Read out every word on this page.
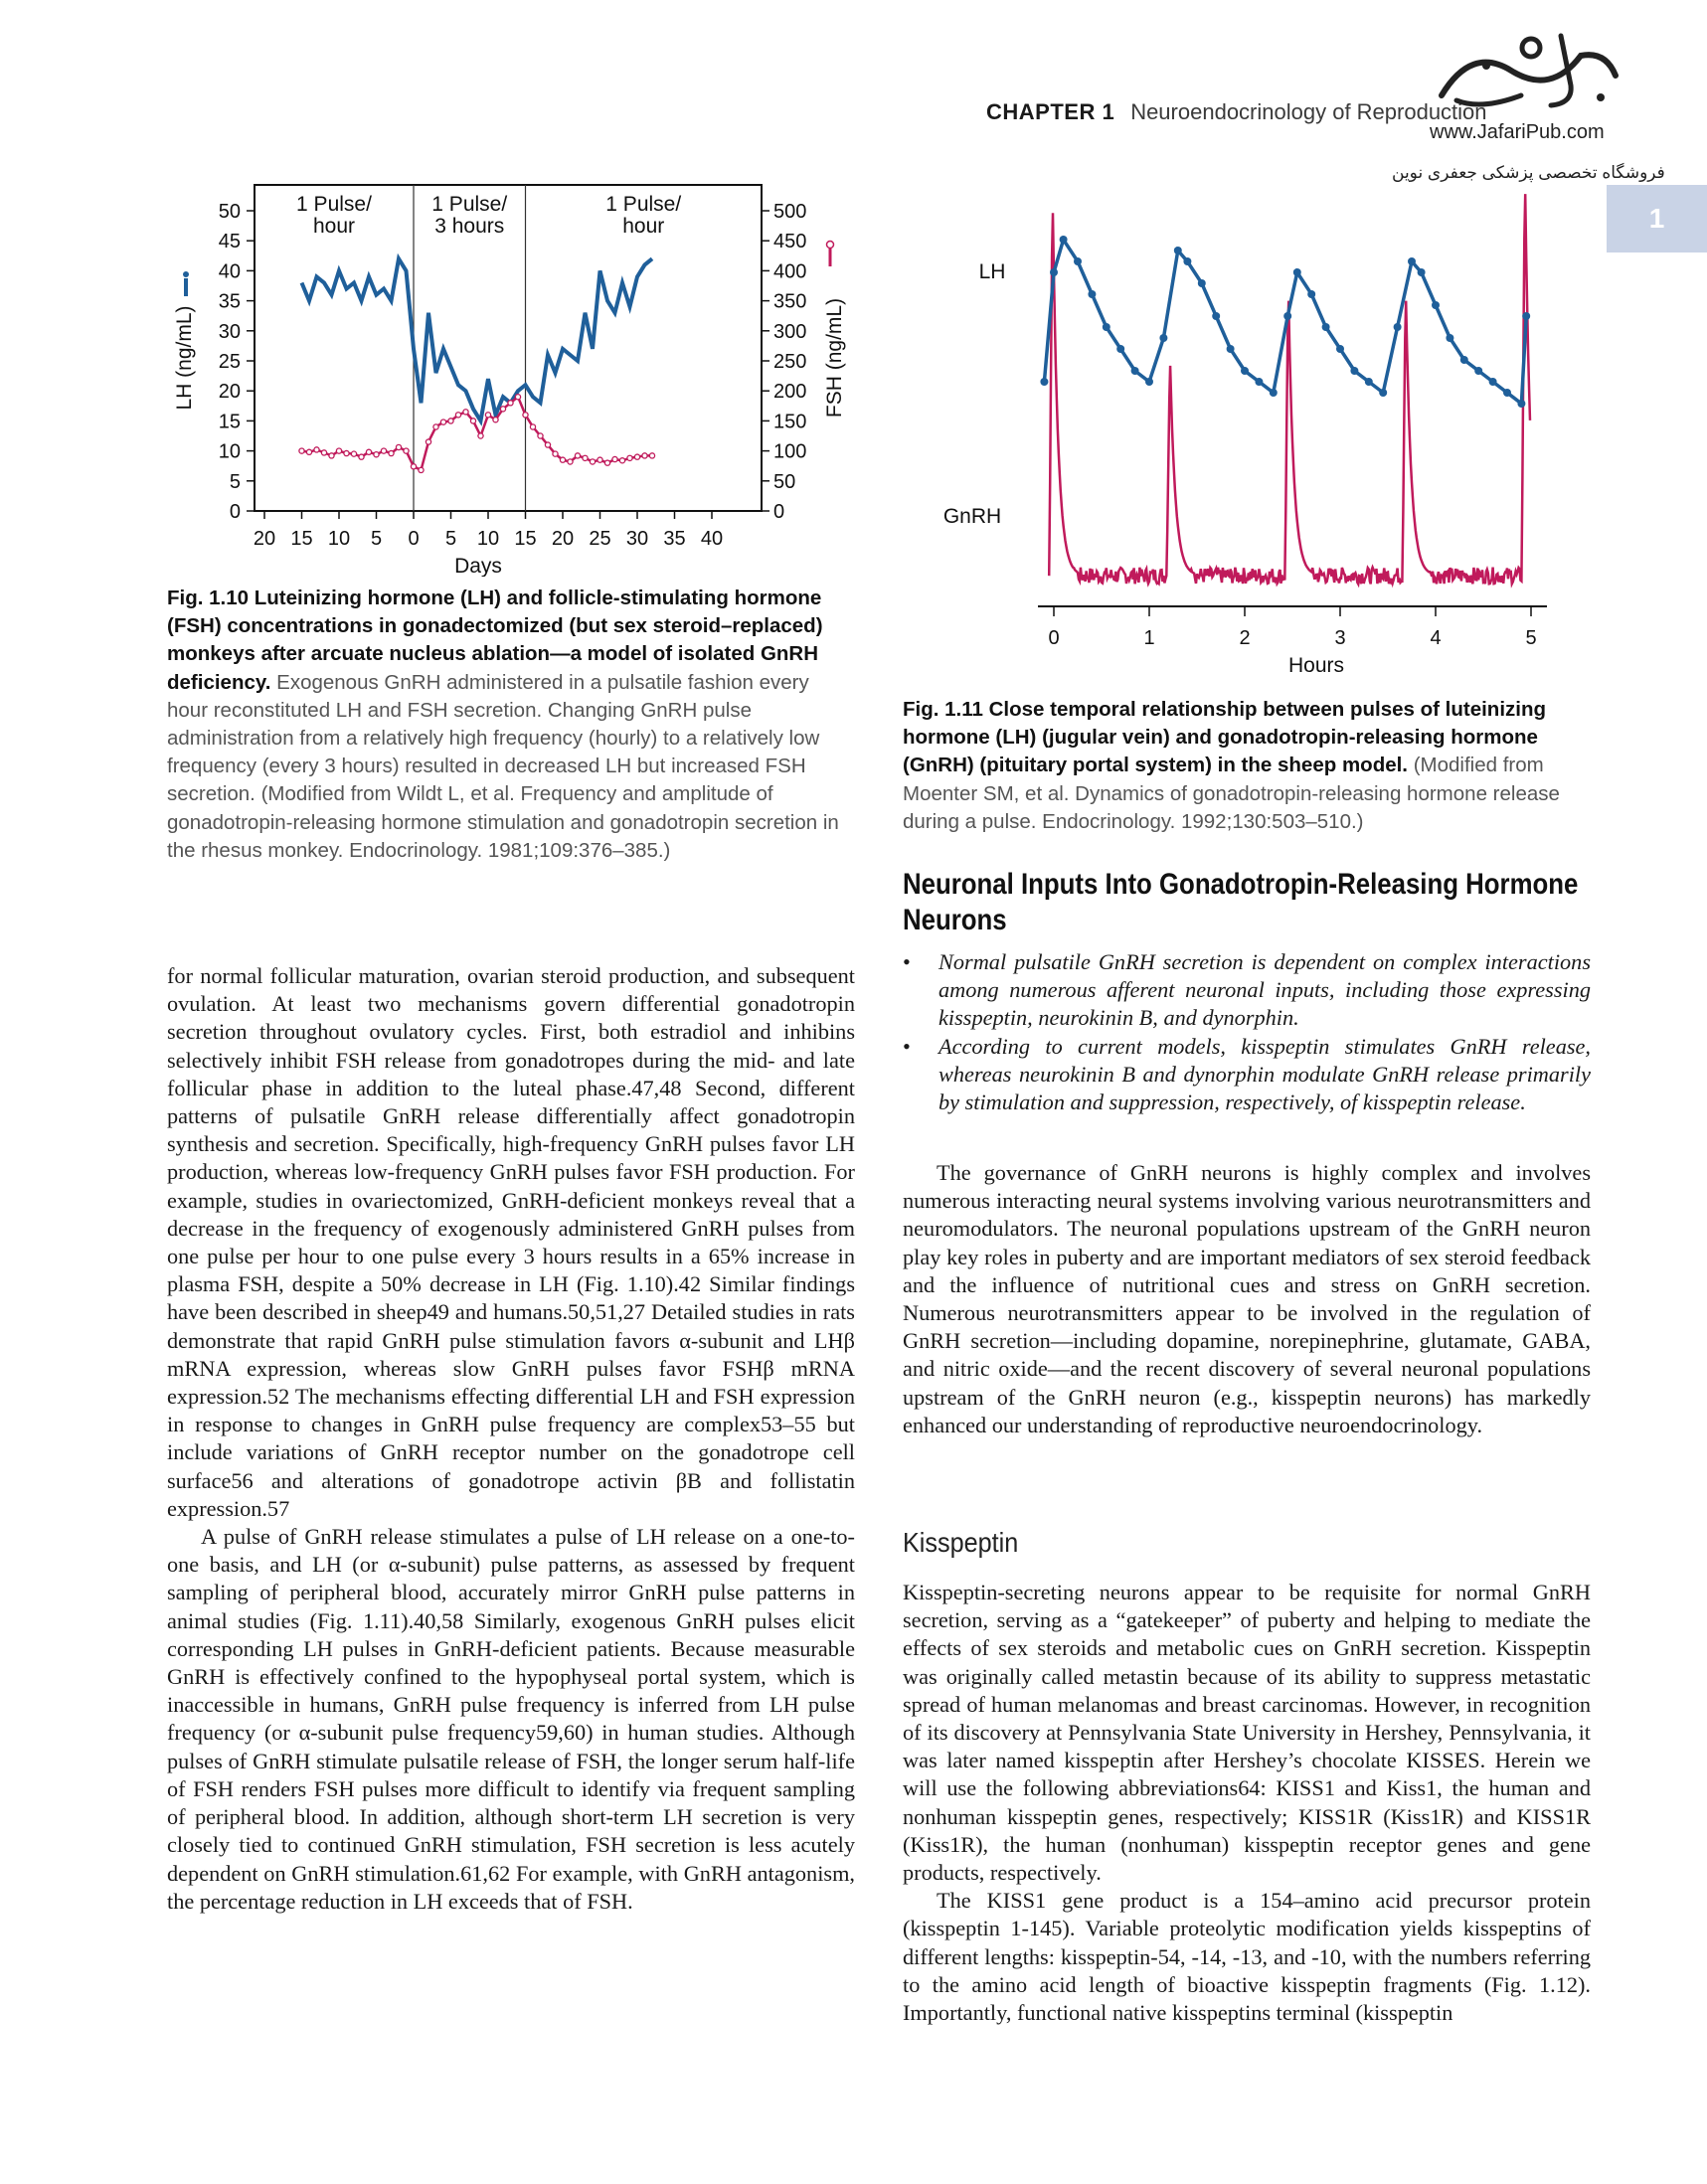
CHAPTER 1 Neuroendocrinology of Reproduction
www.JafariPub.com
فروشگاه تخصصی پزشکی جعفری نوین
1
1 Pulse/
hour
1 Pulse/
3 hours
1 Pulse/
hour
0
5
10
15
20
25
30
35
40
45
50
0
50
100
150
200
250
300
350
400
450
500
20 15 10 5 0 5 10 15 20 25 30 35 40
Days
LH (ng/mL)	FSH (ng/mL)
0	1	2	3	4	5
Hours
LH
GnRH
Fig. 1.10 Luteinizing hormone (LH) and follicle-stimulating hormone (FSH) concentrations in gonadectomized (but sex steroid–replaced) monkeys after arcuate nucleus ablation—a model of isolated GnRH deficiency. Exogenous GnRH administered in a pulsatile fashion every hour reconstituted LH and FSH secretion. Changing GnRH pulse administration from a relatively high frequency (hourly) to a relatively low frequency (every 3 hours) resulted in decreased LH but increased FSH secretion. (Modified from Wildt L, et al. Frequency and amplitude of gonadotropin-releasing hormone stimulation and gonadotropin secretion in the rhesus monkey. Endocrinology. 1981;109:376–385.)
Fig. 1.11 Close temporal relationship between pulses of luteinizing hormone (LH) (jugular vein) and gonadotropin-releasing hormone (GnRH) (pituitary portal system) in the sheep model. (Modified from Moenter SM, et al. Dynamics of gonadotropin-releasing hormone release during a pulse. Endocrinology. 1992;130:503–510.)

for normal follicular maturation, ovarian steroid production, and subsequent ovulation. At least two mechanisms govern differential gonadotropin secretion throughout ovulatory cycles. First, both estradiol and inhibins selectively inhibit FSH release from gonadotropes during the mid- and late follicular phase in addition to the luteal phase.47,48 Second, different patterns of pulsatile GnRH release differentially affect gonadotropin synthesis and secretion. Specifically, high-frequency GnRH pulses favor LH production, whereas low-frequency GnRH pulses favor FSH production. For example, studies in ovariectomized, GnRH-deficient monkeys reveal that a decrease in the frequency of exogenously administered GnRH pulses from one pulse per hour to one pulse every 3 hours results in a 65% increase in plasma FSH, despite a 50% decrease in LH (Fig. 1.10).42 Similar findings have been described in sheep49 and humans.50,51,27 Detailed studies in rats demonstrate that rapid GnRH pulse stimulation favors α-subunit and LHβ mRNA expression, whereas slow GnRH pulses favor FSHβ mRNA expression.52 The mechanisms effecting differential LH and FSH expression in response to changes in GnRH pulse frequency are complex53–55 but include variations of GnRH receptor number on the gonadotrope cell surface56 and alterations of gonadotrope activin βB and follistatin expression.57

A pulse of GnRH release stimulates a pulse of LH release on a one-to-one basis, and LH (or α-subunit) pulse patterns, as assessed by frequent sampling of peripheral blood, accurately mirror GnRH pulse patterns in animal studies (Fig. 1.11).40,58 Similarly, exogenous GnRH pulses elicit corresponding LH pulses in GnRH-deficient patients. Because measurable GnRH is effectively confined to the hypophyseal portal system, which is inaccessible in humans, GnRH pulse frequency is inferred from LH pulse frequency (or α-subunit pulse frequency59,60) in human studies. Although pulses of GnRH stimulate pulsatile release of FSH, the longer serum half-life of FSH renders FSH pulses more difficult to identify via frequent sampling of peripheral blood. In addition, although short-term LH secretion is very closely tied to continued GnRH stimulation, FSH secretion is less acutely dependent on GnRH stimulation.61,62 For example, with GnRH antagonism, the percentage reduction in LH exceeds that of FSH.

Neuronal Inputs Into Gonadotropin-Releasing Hormone Neurons
• Normal pulsatile GnRH secretion is dependent on complex interactions among numerous afferent neuronal inputs, including those expressing kisspeptin, neurokinin B, and dynorphin.
• According to current models, kisspeptin stimulates GnRH release, whereas neurokinin B and dynorphin modulate GnRH release primarily by stimulation and suppression, respectively, of kisspeptin release.

The governance of GnRH neurons is highly complex and involves numerous interacting neural systems involving various neurotransmitters and neuromodulators. The neuronal populations upstream of the GnRH neuron play key roles in puberty and are important mediators of sex steroid feedback and the influence of nutritional cues and stress on GnRH secretion. Numerous neurotransmitters appear to be involved in the regulation of GnRH secretion—including dopamine, norepinephrine, glutamate, GABA, and nitric oxide—and the recent discovery of several neuronal populations upstream of the GnRH neuron (e.g., kisspeptin neurons) has markedly enhanced our understanding of reproductive neuroendocrinology.

Kisspeptin

Kisspeptin-secreting neurons appear to be requisite for normal GnRH secretion, serving as a “gatekeeper” of puberty and helping to mediate the effects of sex steroids and metabolic cues on GnRH secretion. Kisspeptin was originally called metastin because of its ability to suppress metastatic spread of human melanomas and breast carcinomas. However, in recognition of its discovery at Pennsylvania State University in Hershey, Pennsylvania, it was later named kisspeptin after Hershey’s chocolate KISSES. Herein we will use the following abbreviations64: KISS1 and Kiss1, the human and nonhuman kisspeptin genes, respectively; KISS1R (Kiss1R) and KISS1R (Kiss1R), the human (nonhuman) kisspeptin receptor genes and gene products, respectively.

The KISS1 gene product is a 154–amino acid precursor protein (kisspeptin 1-145). Variable proteolytic modification yields kisspeptins of different lengths: kisspeptin-54, -14, -13, and -10, with the numbers referring to the amino acid length of bioactive kisspeptin fragments (Fig. 1.12). Importantly, functional native kisspeptins terminal (kisspeptin
